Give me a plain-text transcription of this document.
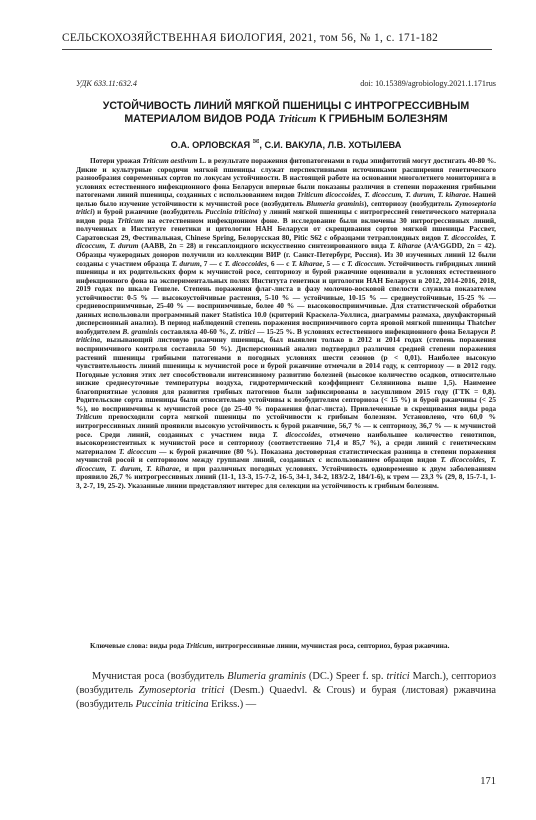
СЕЛЬСКОХОЗЯЙСТВЕННАЯ БИОЛОГИЯ, 2021, том 56, № 1, с. 171-182
УДК 633.11:632.4	doi: 10.15389/agrobiology.2021.1.171rus
УСТОЙЧИВОСТЬ ЛИНИЙ МЯГКОЙ ПШЕНИЦЫ С ИНТРОГРЕССИВНЫМ
МАТЕРИАЛОМ ВИДОВ РОДА Triticum К ГРИБНЫМ БОЛЕЗНЯМ
О.А. ОРЛОВСКАЯ ✉, С.И. ВАКУЛА, Л.В. ХОТЫЛЕВА

Потери урожая Triticum aestivum L. в результате поражения фитопатогенами в годы эпифитотий могут достигать 40-80 %. Дикие и культурные сородичи мягкой пшеницы служат перспективными источниками расширения генетического разнообразия современных сортов по локусам устойчивости. В настоящей работе на основании многолетнего мониторинга в условиях естественного инфекционного фона Беларуси впервые были показаны различия в степени поражения грибными патогенами линий пшеницы, созданных с использованием видов Triticum dicoccoides, T. dicoccum, T. durum, T. kiharae. Нашей целью было изучение устойчивости к мучнистой росе (возбудитель Blumeria graminis), септориозу (возбудитель Zymoseptoria tritici) и бурой ржавчине (возбудитель Puccinia triticina) у линий мягкой пшеницы с интрогрессией генетического материала видов рода Triticum на естественном инфекционном фоне. В исследование были включены 30 интрогрессивных линий, полученных в Институте генетики и цитологии НАН Беларуси от скрещивания сортов мягкой пшеницы Рассвет, Саратовская 29, Фестивальная, Chinese Spring, Белорусская 80, Pitic S62 с образцами тетраплоидных видов T. dicoccoides, T. dicoccum, T. durum (AABB, 2n = 28) и гексаплоидного искусственно синтезированного вида T. kiharae (AᵗAᵗGGDD, 2n = 42). Образцы чужеродных доноров получили из коллекции ВИР (г. Санкт-Петербург, Россия). Из 30 изученных линий 12 были созданы с участием образца T. durum, 7 — с T. dicoccoides, 6 — с T. kiharae, 5 — с T. dicoccum. Устойчивость гибридных линий пшеницы и их родительских форм к мучнистой росе, септориозу и бурой ржавчине оценивали в условиях естественного инфекционного фона на экспериментальных полях Института генетики и цитологии НАН Беларуси в 2012, 2014-2016, 2018, 2019 годах по шкале Гешеле. Степень поражения флаг-листа в фазу молочно-восковой спелости служила показателем устойчивости: 0-5 % — высокоустойчивые растения, 5-10 % — устойчивые, 10-15 % — среднеустойчивые, 15-25 % — средневосприимчивые, 25-40 % — восприимчивые, более 40 % — высоковосприимчивые. Для статистической обработки данных использовали программный пакет Statistica 10.0 (критерий Краскела-Уоллиса, диаграммы размаха, двухфакторный дисперсионный анализ). В период наблюдений степень поражения восприимчивого сорта яровой мягкой пшеницы Thatcher возбудителем B. graminis составляла 40-60 %, Z. tritici — 15-25 %. В условиях естественного инфекционного фона Беларуси P. triticina, вызывающий листовую ржавчину пшеницы, был выявлен только в 2012 и 2014 годах (степень поражения восприимчивого контроля составила 50 %). Дисперсионный анализ подтвердил различия средней степени поражения растений пшеницы грибными патогенами в погодных условиях шести сезонов (p < 0,01). Наиболее высокую чувствительность линий пшеницы к мучнистой росе и бурой ржавчине отмечали в 2014 году, к септориозу — в 2012 году. Погодные условия этих лет способствовали интенсивному развитию болезней (высокое количество осадков, относительно низкие среднесуточные температуры воздуха, гидротермический коэффициент Селянинова выше 1,5). Наименее благоприятные условия для развития грибных патогенов были зафиксированы в засушливом 2015 году (ГТК = 0,8). Родительские сорта пшеницы были относительно устойчивы к возбудителям септориоза (< 15 %) и бурой ржавчины (< 25 %), но восприимчивы к мучнистой росе (до 25-40 % поражения флаг-листа). Привлеченные в скрещивания виды рода Triticum превосходили сорта мягкой пшеницы по устойчивости к грибным болезням. Установлено, что 60,0 % интрогрессивных линий проявили высокую устойчивость к бурой ржавчине, 56,7 % — к септориозу, 36,7 % — к мучнистой росе. Среди линий, созданных с участием вида T. dicoccoides, отмечено наибольшее количество генотипов, высокорезистентных к мучнистой росе и септориозу (соответственно 71,4 и 85,7 %), а среди линий с генетическим материалом T. dicoccum — к бурой ржавчине (80 %). Показана достоверная статистическая разница в степени поражения мучнистой росой и септориозом между группами линий, созданных с использованием образцов видов T. dicoccoides, T. dicoccum, T. durum, T. kiharae, и при различных погодных условиях. Устойчивость одновременно к двум заболеваниям проявило 26,7 % интрогрессивных линий (11-1, 13-3, 15-7-2, 16-5, 34-1, 34-2, 183/2-2, 184/1-6), к трем — 23,3 % (29, 8, 15-7-1, 1-3, 2-7, 19, 25-2). Указанные линии представляют интерес для селекции на устойчивость к грибным болезням.

Ключевые слова: виды рода Triticum, интрогрессивные линии, мучнистая роса, септориоз, бурая ржавчина.

Мучнистая роса (возбудитель Blumeria graminis (DC.) Speer f. sp. tritici March.), септориоз (возбудитель Zymoseptoria tritici (Desm.) Quaedvl. & Crous) и бурая (листовая) ржавчина (возбудитель Puccinia triticina Erikss.) —

171
